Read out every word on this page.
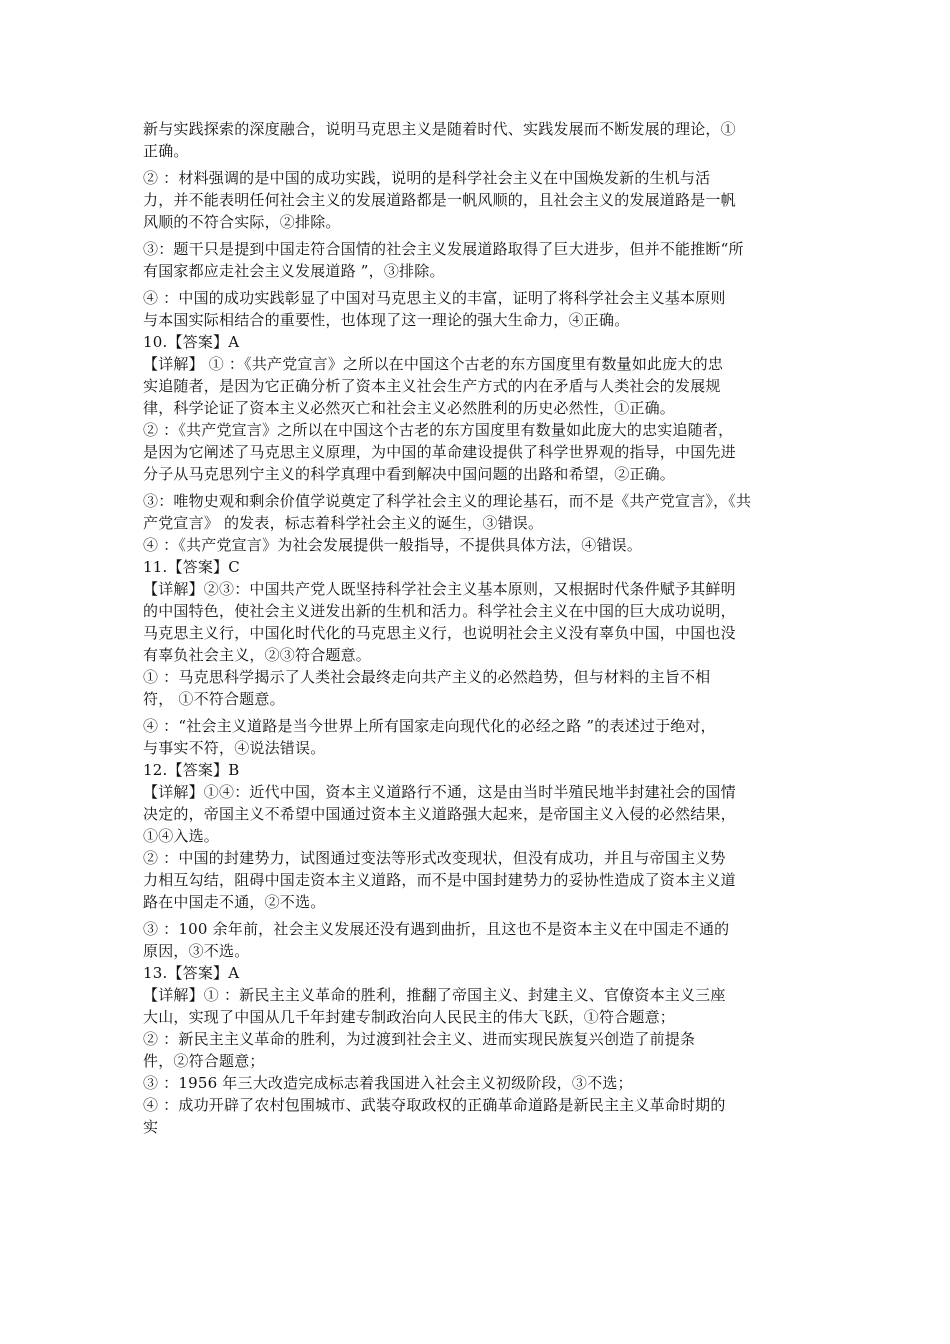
新与实践探索的深度融合，说明马克思主义是随着时代、实践发展而不断发展的理论，①

正确。

② ：材料强调的是中国的成功实践，说明的是科学社会主义在中国焕发新的生机与活

力，并不能表明任何社会主义的发展道路都是一帆风顺的，且社会主义的发展道路是一帆

风顺的不符合实际，②排除。

③：题干只是提到中国走符合国情的社会主义发展道路取得了巨大进步，但并不能推断“所

有国家都应走社会主义发展道路 ”，③排除。

④ ：中国的成功实践彰显了中国对马克思主义的丰富，证明了将科学社会主义基本原则

与本国实际相结合的重要性，也体现了这一理论的强大生命力，④正确。

10.【答案】A

【详解】 ① ：《共产党宣言》之所以在中国这个古老的东方国度里有数量如此庞大的忠

实追随者，是因为它正确分析了资本主义社会生产方式的内在矛盾与人类社会的发展规

律，科学论证了资本主义必然灭亡和社会主义必然胜利的历史必然性，①正确。

② ：《共产党宣言》之所以在中国这个古老的东方国度里有数量如此庞大的忠实追随者，

是因为它阐述了马克思主义原理，为中国的革命建设提供了科学世界观的指导，中国先进

分子从马克思列宁主义的科学真理中看到解决中国问题的出路和希望，②正确。

③：唯物史观和剩余价值学说奠定了科学社会主义的理论基石，而不是《共产党宣言》，《共

产党宣言》 的发表，标志着科学社会主义的诞生，③错误。

④ ：《共产党宣言》为社会发展提供一般指导，不提供具体方法，④错误。

11.【答案】C

【详解】②③：中国共产党人既坚持科学社会主义基本原则，又根据时代条件赋予其鲜明

的中国特色，使社会主义迸发出新的生机和活力。科学社会主义在中国的巨大成功说明，

马克思主义行，中国化时代化的马克思主义行，也说明社会主义没有辜负中国，中国也没

有辜负社会主义，②③符合题意。

① ：马克思科学揭示了人类社会最终走向共产主义的必然趋势，但与材料的主旨不相

符， ①不符合题意。

④ ：“社会主义道路是当今世界上所有国家走向现代化的必经之路 ”的表述过于绝对，

与事实不符，④说法错误。

12.【答案】B

【详解】①④：近代中国，资本主义道路行不通，这是由当时半殖民地半封建社会的国情

决定的，帝国主义不希望中国通过资本主义道路强大起来，是帝国主义入侵的必然结果，

①④入选。

② ：中国的封建势力，试图通过变法等形式改变现状，但没有成功，并且与帝国主义势

力相互勾结，阻碍中国走资本主义道路，而不是中国封建势力的妥协性造成了资本主义道

路在中国走不通，②不选。

③ ：100 余年前，社会主义发展还没有遇到曲折，且这也不是资本主义在中国走不通的

原因，③不选。

13.【答案】A

【详解】① ：新民主主义革命的胜利，推翻了帝国主义、封建主义、官僚资本主义三座

大山，实现了中国从几千年封建专制政治向人民民主的伟大飞跃，①符合题意；

② ：新民主主义革命的胜利，为过渡到社会主义、进而实现民族复兴创造了前提条

件，②符合题意；

③ ：1956 年三大改造完成标志着我国进入社会主义初级阶段，③不选；

④ ：成功开辟了农村包围城市、武装夺取政权的正确革命道路是新民主主义革命时期的

实
